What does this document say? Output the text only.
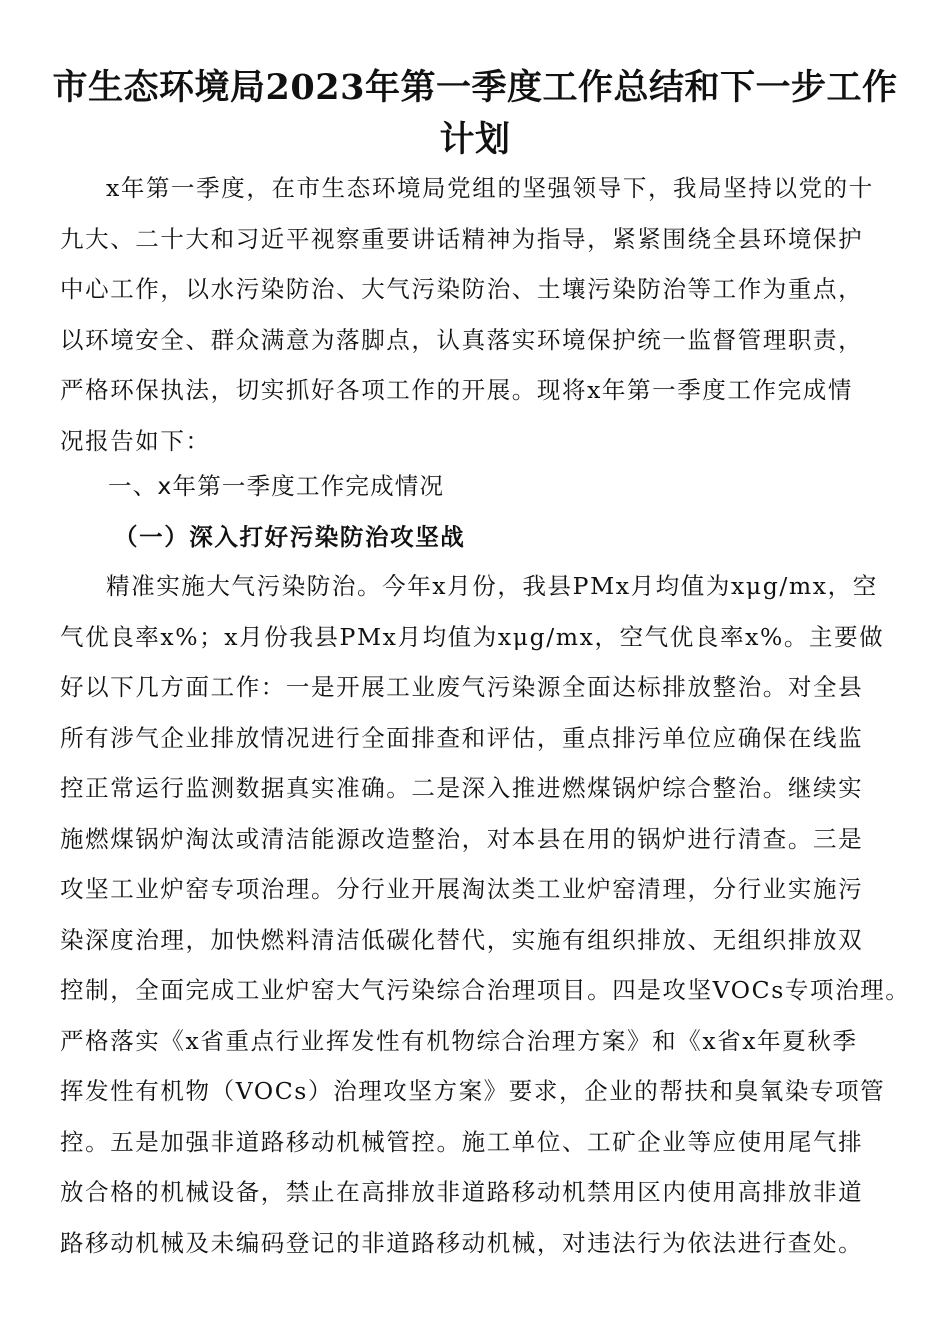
市生态环境局2023年第一季度工作总结和下一步工作
计划
x年第一季度，在市生态环境局党组的坚强领导下，我局坚持以党的十
九大、二十大和习近平视察重要讲话精神为指导，紧紧围绕全县环境保护
中心工作，以水污染防治、大气污染防治、土壤污染防治等工作为重点，
以环境安全、群众满意为落脚点，认真落实环境保护统一监督管理职责，
严格环保执法，切实抓好各项工作的开展。现将x年第一季度工作完成情
况报告如下：
一、x年第一季度工作完成情况
（一）深入打好污染防治攻坚战
精准实施大气污染防治。今年x月份，我县PMx月均值为xμg/mx，空
气优良率x%；x月份我县PMx月均值为xμg/mx，空气优良率x%。主要做
好以下几方面工作：一是开展工业废气污染源全面达标排放整治。对全县
所有涉气企业排放情况进行全面排查和评估，重点排污单位应确保在线监
控正常运行监测数据真实准确。二是深入推进燃煤锅炉综合整治。继续实
施燃煤锅炉淘汰或清洁能源改造整治，对本县在用的锅炉进行清查。三是
攻坚工业炉窑专项治理。分行业开展淘汰类工业炉窑清理，分行业实施污
染深度治理，加快燃料清洁低碳化替代，实施有组织排放、无组织排放双
控制，全面完成工业炉窑大气污染综合治理项目。四是攻坚VOCs专项治理。
严格落实《x省重点行业挥发性有机物综合治理方案》和《x省x年夏秋季
挥发性有机物（VOCs）治理攻坚方案》要求，企业的帮扶和臭氧染专项管
控。五是加强非道路移动机械管控。施工单位、工矿企业等应使用尾气排
放合格的机械设备，禁止在高排放非道路移动机禁用区内使用高排放非道
路移动机械及未编码登记的非道路移动机械，对违法行为依法进行查处。
